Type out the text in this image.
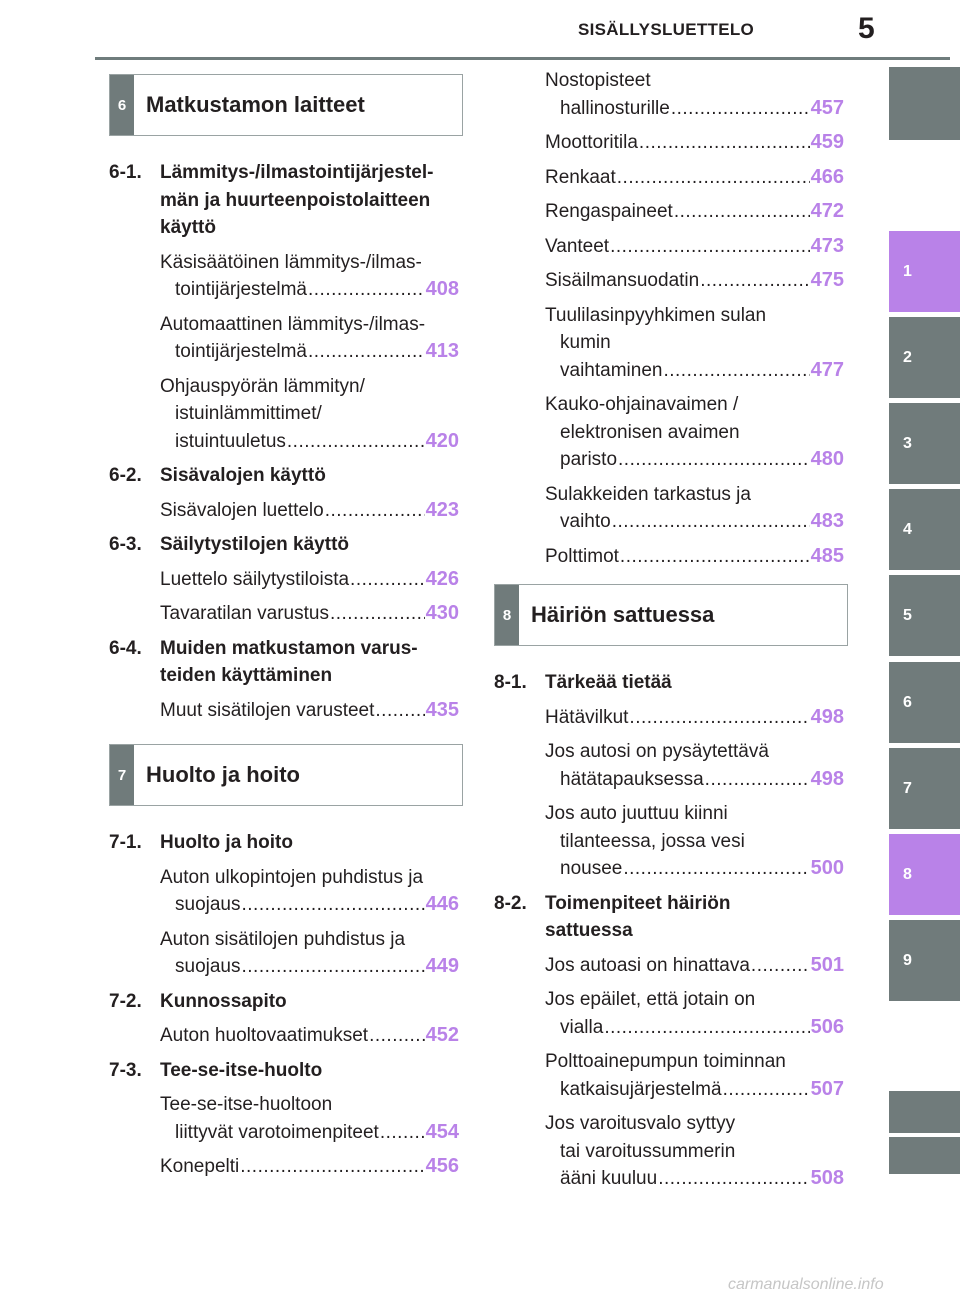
SISÄLLYSLUETTELO	5
1
2
3
4
5
6
7
8
9
6 Matkustamon laitteet
7 Huolto ja hoito
8 Häiriön sattuessa
6-1. Lämmitys-/ilmastointijärjestel-
män ja huurteenpoistolaitteen
käyttö
Käsisäätöinen lämmitys-/ilmas-
tointijärjestelmä .....	408
Automaattinen lämmitys-/ilmas-
tointijärjestelmä .....	413
Ohjauspyörän lämmityn/
istuinlämmittimet/
istuintuuletus .....	420
6-2. Sisävalojen käyttö
Sisävalojen luettelo .....	423
6-3. Säilytystilojen käyttö
Luettelo säilytystiloista .....	426
Tavaratilan varustus .....	430
6-4. Muiden matkustamon varus-
teiden käyttäminen
Muut sisätilojen varusteet .....	435
7-1. Huolto ja hoito
Auton ulkopintojen puhdistus ja
suojaus .....	446
Auton sisätilojen puhdistus ja
suojaus .....	449
7-2. Kunnossapito
Auton huoltovaatimukset .....	452
7-3. Tee-se-itse-huolto
Tee-se-itse-huoltoon
liittyvät varotoimenpiteet ..... 454
Konepelti .....	456
Nostopisteet
hallinosturille .....	457
Moottoritila .....	459
Renkaat .....	466
Rengaspaineet .....	472
Vanteet .....	473
Sisäilmansuodatin .....	475
Tuulilasinpyyhkimen sulan
kumin
vaihtaminen .....	477
Kauko-ohjainavaimen /
elektronisen avaimen
paristo .....	480
Sulakkeiden tarkastus ja
vaihto .....	483
Polttimot .....	485
8-1. Tärkeää tietää
Hätävilkut .....	498
Jos autosi on pysäytettävä
hätätapauksessa .....	498
Jos auto juuttuu kiinni
tilanteessa, jossa vesi
nousee .....	500
8-2. Toimenpiteet häiriön
sattuessa
Jos autoasi on hinattava .....	501
Jos epäilet, että jotain on
vialla .....	506
Polttoainepumpun toiminnan
katkaisujärjestelmä .....	507
Jos varoitusvalo syttyy
tai varoitussummerin
ääni kuuluu .....	508
carmanualsonline.info
